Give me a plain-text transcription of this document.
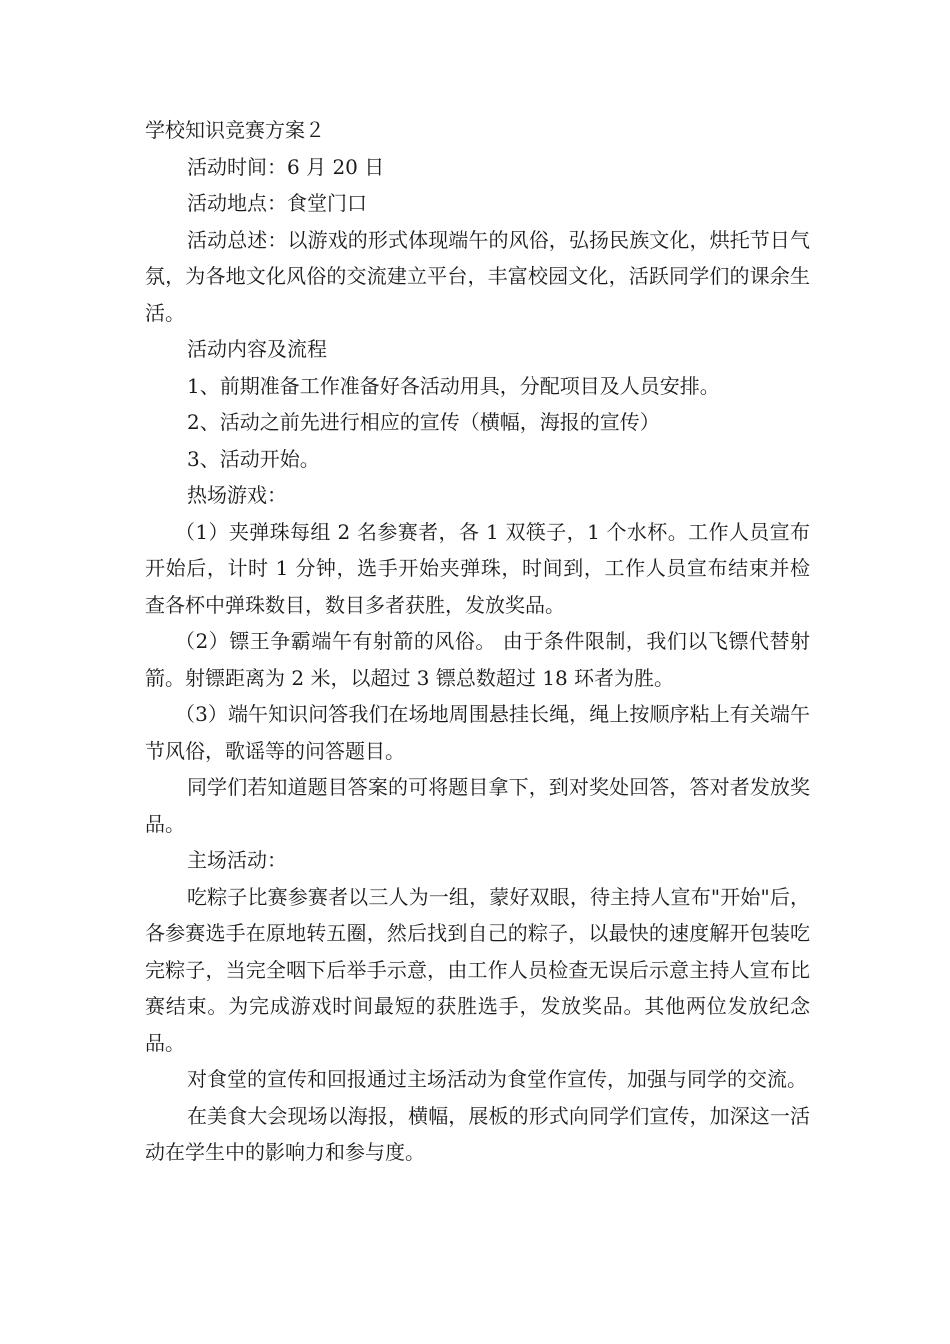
学校知识竞赛方案２

活动时间：6 月 20 日

活动地点：食堂门口

活动总述：以游戏的形式体现端午的风俗，弘扬民族文化，烘托节日气氛，为各地文化风俗的交流建立平台，丰富校园文化，活跃同学们的课余生活。

活动内容及流程

1、前期准备工作准备好各活动用具，分配项目及人员安排。

2、活动之前先进行相应的宣传（横幅，海报的宣传）

3、活动开始。

热场游戏：

（1）夹弹珠每组 2 名参赛者，各 1 双筷子，1 个水杯。工作人员宣布开始后，计时 1 分钟，选手开始夹弹珠，时间到，工作人员宣布结束并检查各杯中弹珠数目，数目多者获胜，发放奖品。

（2）镖王争霸端午有射箭的风俗。 由于条件限制，我们以飞镖代替射箭。射镖距离为 2 米，以超过 3 镖总数超过 18 环者为胜。

（3）端午知识问答我们在场地周围悬挂长绳，绳上按顺序粘上有关端午节风俗，歌谣等的问答题目。

同学们若知道题目答案的可将题目拿下，到对奖处回答，答对者发放奖品。

主场活动：

吃粽子比赛参赛者以三人为一组，蒙好双眼，待主持人宣布"开始"后，各参赛选手在原地转五圈，然后找到自己的粽子，以最快的速度解开包装吃完粽子，当完全咽下后举手示意，由工作人员检查无误后示意主持人宣布比赛结束。为完成游戏时间最短的获胜选手，发放奖品。其他两位发放纪念品。

对食堂的宣传和回报通过主场活动为食堂作宣传，加强与同学的交流。

在美食大会现场以海报，横幅，展板的形式向同学们宣传，加深这一活动在学生中的影响力和参与度。
